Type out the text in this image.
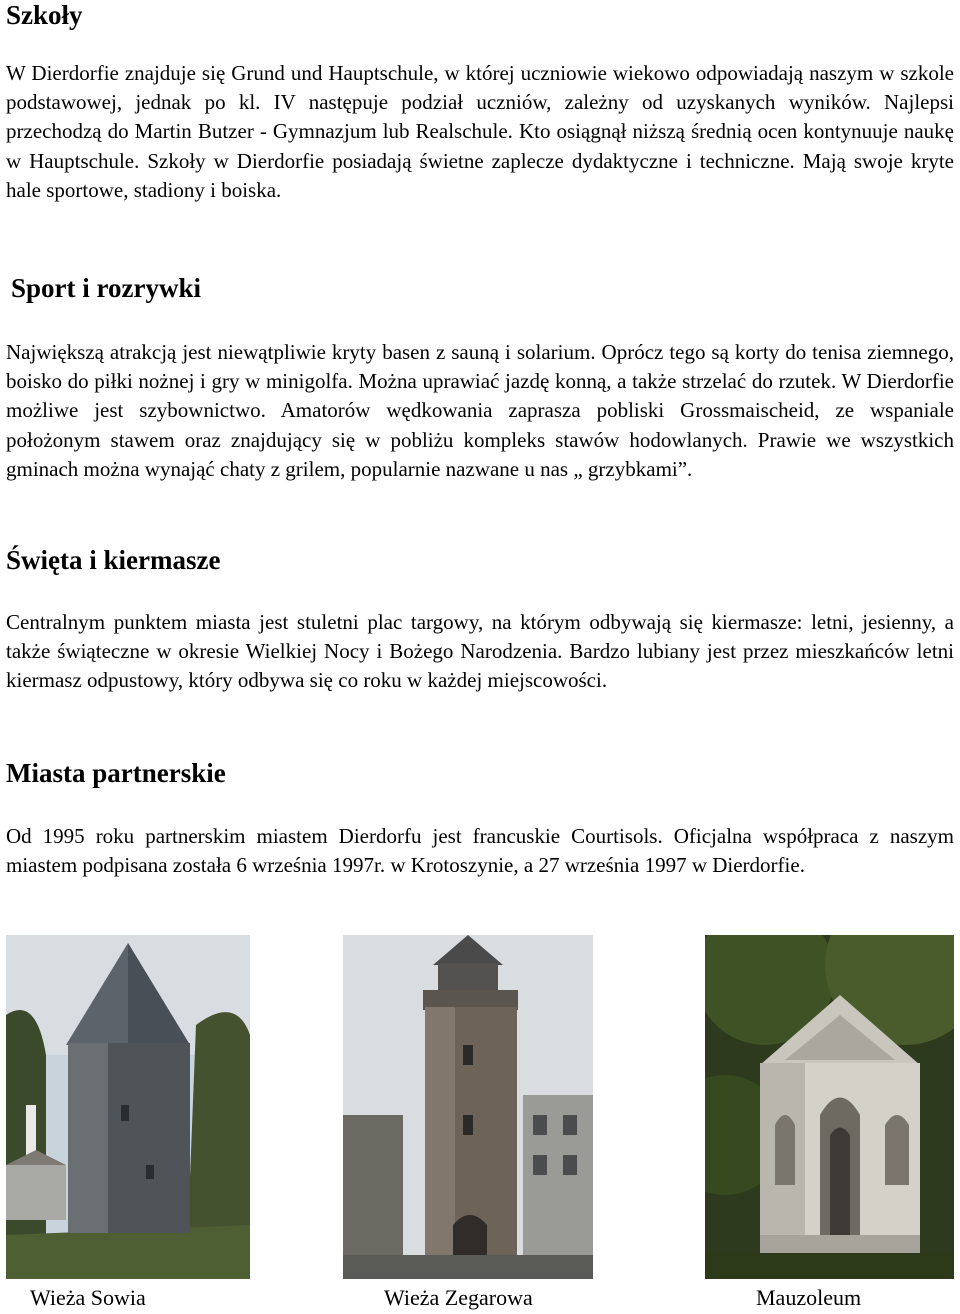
Szkoły

W Dierdorfie znajduje się Grund und Hauptschule, w której uczniowie wiekowo odpowiadają naszym w szkole podstawowej, jednak po kl. IV następuje podział uczniów, zależny od uzyskanych wyników. Najlepsi przechodzą do Martin Butzer - Gymnazjum lub Realschule. Kto osiągnął niższą średnią ocen kontynuuje naukę w Hauptschule. Szkoły w Dierdorfie posiadają świetne zaplecze dydaktyczne i techniczne. Mają swoje kryte hale sportowe, stadiony i boiska.

Sport i rozrywki

Największą atrakcją jest niewątpliwie kryty basen z sauną i solarium. Oprócz tego są korty do tenisa ziemnego, boisko do piłki nożnej i gry w minigolfa. Można uprawiać jazdę konną, a także strzelać do rzutek. W Dierdorfie możliwe jest szybownictwo. Amatorów wędkowania zaprasza pobliski Grossmaischeid, ze wspaniale położonym stawem oraz znajdujący się w pobliżu kompleks stawów hodowlanych. Prawie we wszystkich gminach można wynająć chaty z grilem, popularnie nazwane u nas „ grzybkami”.

Święta i kiermasze

Centralnym punktem miasta jest stuletni plac targowy, na którym odbywają się kiermasze: letni, jesienny, a także świąteczne w okresie Wielkiej Nocy i Bożego Narodzenia. Bardzo lubiany jest przez mieszkańców letni kiermasz odpustowy, który odbywa się co roku w każdej miejscowości.

Miasta partnerskie

Od 1995 roku partnerskim miastem Dierdorfu jest francuskie Courtisols. Oficjalna współpraca z naszym miastem podpisana została 6 września 1997r. w Krotoszynie, a 27 września 1997 w Dierdorfie.

Wieża Sowia	Wieża Zegarowa	Mauzoleum
